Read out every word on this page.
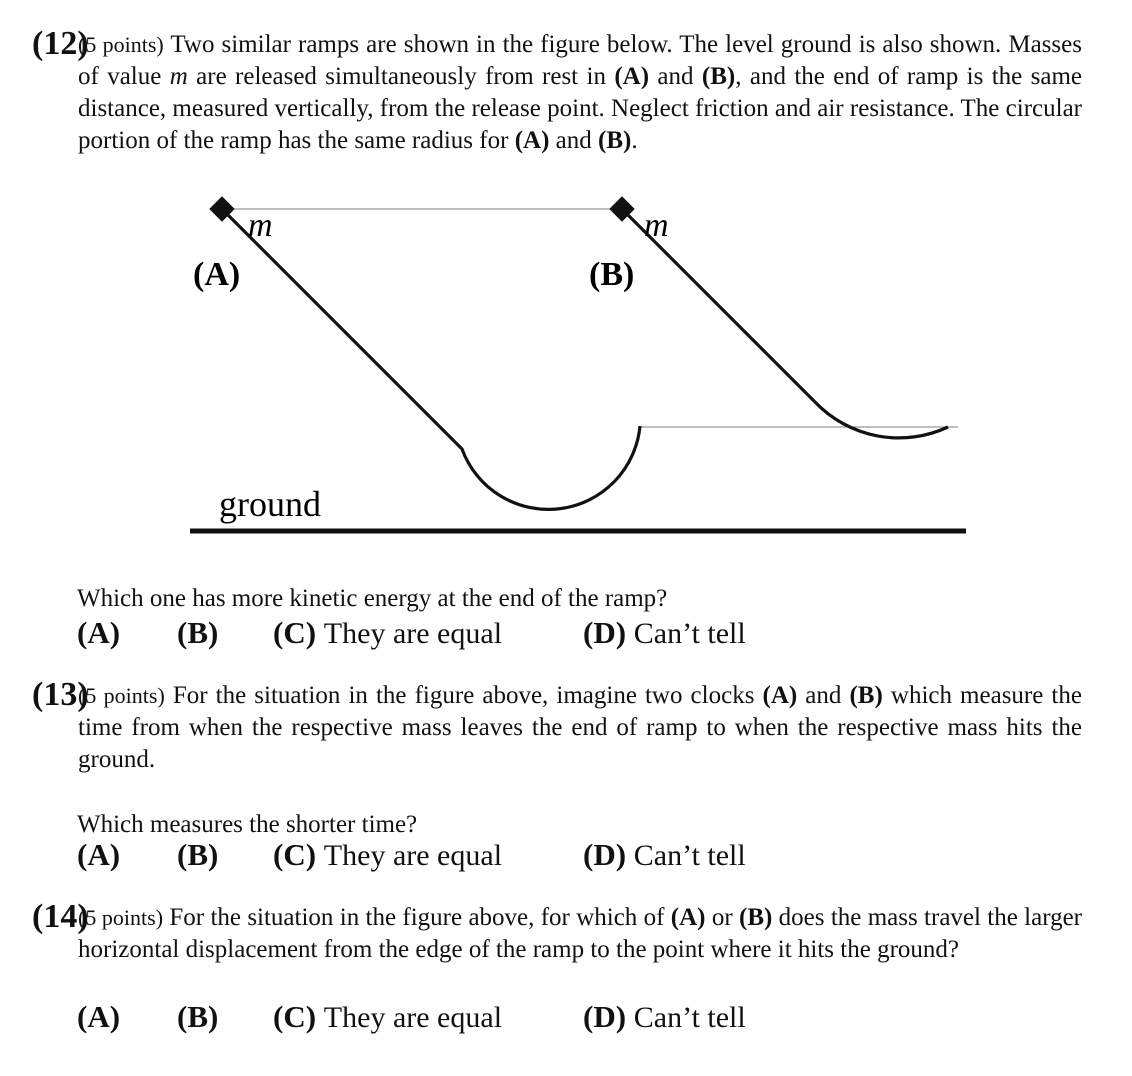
(12)
(5 points) Two similar ramps are shown in the figure below. The level ground is also shown. Masses of value m are released simultaneously from rest in (A) and (B), and the end of ramp is the same distance, measured vertically, from the release point. Neglect friction and air resistance. The circular portion of the ramp has the same radius for (A) and (B).
m	m
(A)	(B)
ground
Which one has more kinetic energy at the end of the ramp?
(A) (B) (C) They are equal	(D) Can’t tell
(13)
(5 points) For the situation in the figure above, imagine two clocks (A) and (B) which measure the time from when the respective mass leaves the end of ramp to when the respective mass hits the ground.
Which measures the shorter time?
(A) (B) (C) They are equal	(D) Can’t tell
(14)
(5 points) For the situation in the figure above, for which of (A) or (B) does the mass travel the larger horizontal displacement from the edge of the ramp to the point where it hits the ground?
(A) (B) (C) They are equal	(D) Can’t tell
